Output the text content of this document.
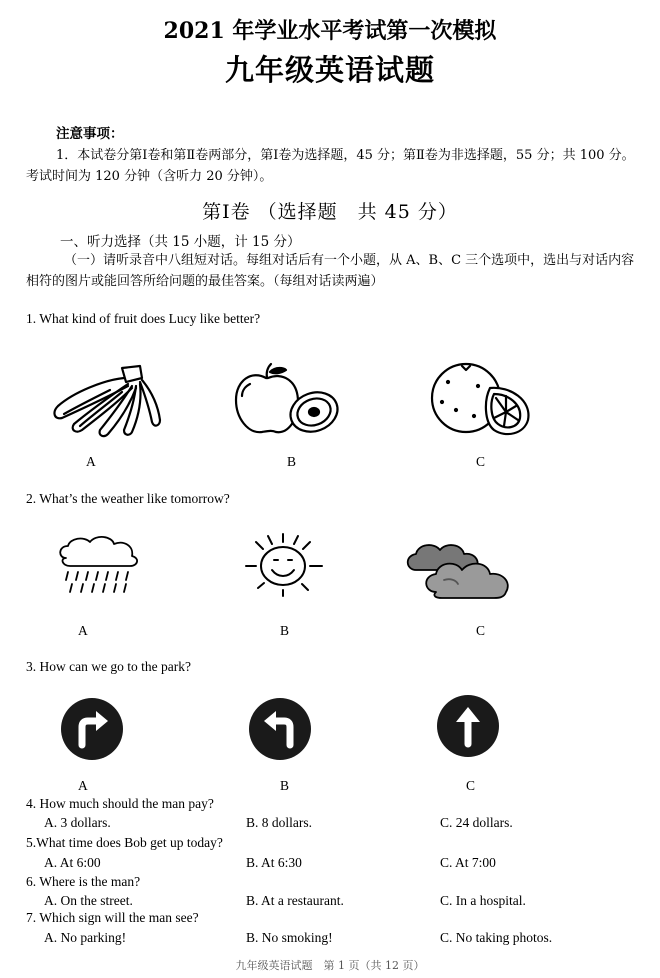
2021 年学业水平考试第一次模拟
九年级英语试题
注意事项：
1．本试卷分第Ⅰ卷和第Ⅱ卷两部分，第Ⅰ卷为选择题，45 分；第Ⅱ卷为非选择题，55 分；共 100 分。考试时间为 120 分钟（含听力 20 分钟）。
第Ⅰ卷 （选择题　共 45 分）
一、听力选择（共 15 小题，计 15 分）
（一）请听录音中八组短对话。每组对话后有一个小题，从 A、B、C 三个选项中，选出与对话内容相符的图片或能回答所给问题的最佳答案。（每组对话读两遍）
1. What kind of fruit does Lucy like better?
A	B	C
2. What’s the weather like tomorrow?
A	B	C
3. How can we go to the park?
A	B	C
4. How much should the man pay?
A. 3 dollars.	B. 8 dollars.	C. 24 dollars.
5.What time does Bob get up today?
A. At 6:00	B. At 6:30	C. At 7:00
6. Where is the man?
A. On the street.	B. At a restaurant.	C. In a hospital.
7. Which sign will the man see?
A. No parking!	B. No smoking!	C. No taking photos.
九年级英语试题　第 1 页（共 12 页）
